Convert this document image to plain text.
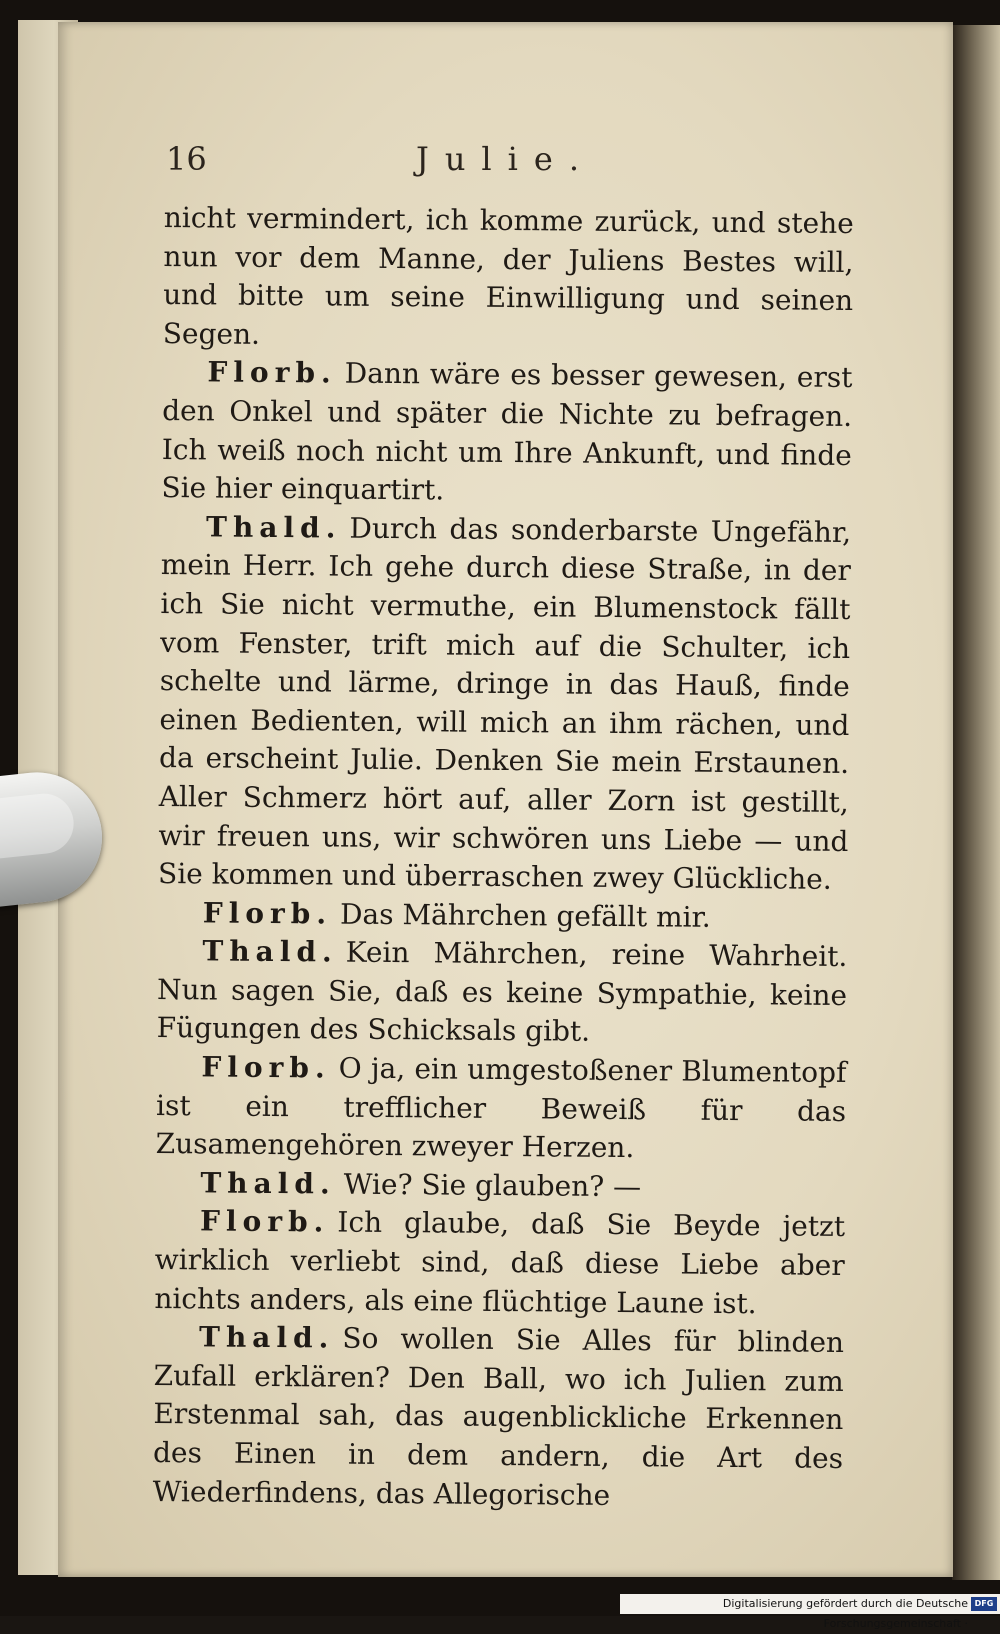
16	Julie.

nicht vermindert, ich komme zurück, und stehe nun vor dem Manne, der Juliens Bestes will, und bitte um seine Einwilligung und seinen Segen.

Florb. Dann wäre es besser gewesen, erst den Onkel und später die Nichte zu befragen. Ich weiß noch nicht um Ihre Ankunft, und finde Sie hier einquartirt.

Thald. Durch das sonderbarste Ungefähr, mein Herr. Ich gehe durch diese Straße, in der ich Sie nicht vermuthe, ein Blumenstock fällt vom Fenster, trift mich auf die Schulter, ich schelte und lärme, dringe in das Hauß, finde einen Bedienten, will mich an ihm rächen, und da erscheint Julie. Denken Sie mein Erstaunen. Aller Schmerz hört auf, aller Zorn ist gestillt, wir freuen uns, wir schwören uns Liebe — und Sie kommen und überraschen zwey Glückliche.

Florb. Das Mährchen gefällt mir.

Thald. Kein Mährchen, reine Wahrheit. Nun sagen Sie, daß es keine Sympathie, keine Fügungen des Schicksals gibt.

Florb. O ja, ein umgestoßener Blumentopf ist ein trefflicher Beweiß für das Zusamengehören zweyer Herzen.

Thald. Wie? Sie glauben? —

Florb. Ich glaube, daß Sie Beyde jetzt wirklich verliebt sind, daß diese Liebe aber nichts anders, als eine flüchtige Laune ist.

Thald. So wollen Sie Alles für blinden Zufall erklären? Den Ball, wo ich Julien zum Erstenmal sah, das augenblickliche Erkennen des Einen in dem andern, die Art des Wiederfindens, das Allegorische

Digitalisierung gefördert durch die Deutsche Forschungsgemeinschaft ·
DFG
